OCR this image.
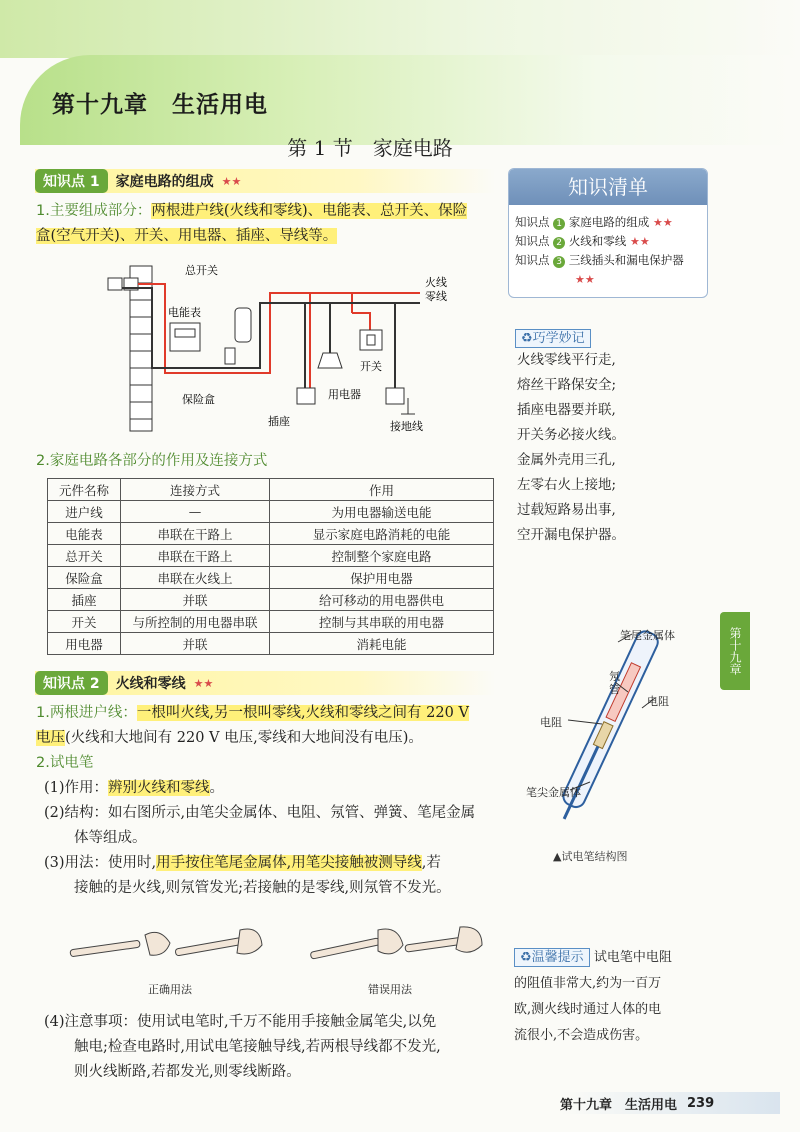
第十九章　生活用电
第 1 节　家庭电路
知识点 1	家庭电路的组成 ★★
1.主要组成部分：两根进户线(火线和零线)、电能表、总开关、保险
盒(空气开关)、开关、用电器、插座、导线等。
总开关
火线
零线
电能表
开关
保险盒	用电器
插座	接地线
2.家庭电路各部分的作用及连接方式
元件名称	连接方式	作用
进户线	—	为用电器输送电能
电能表	串联在干路上	显示家庭电路消耗的电能
总开关	串联在干路上	控制整个家庭电路
保险盒	串联在火线上	保护用电器
插座	并联	给可移动的用电器供电
开关	与所控制的用电器串联	控制与其串联的用电器
用电器	并联	消耗电能
知识点 2	火线和零线 ★★
1.两根进户线：一根叫火线,另一根叫零线,火线和零线之间有 220 V
电压(火线和大地间有 220 V 电压,零线和大地间没有电压)。
2.试电笔
(1)作用：辨别火线和零线。
(2)结构：如右图所示,由笔尖金属体、电阻、氖管、弹簧、笔尾金属
体等组成。
(3)用法：使用时,用手按住笔尾金属体,用笔尖接触被测导线,若
接触的是火线,则氖管发光;若接触的是零线,则氖管不发光。
正确用法	错误用法
(4)注意事项：使用试电笔时,千万不能用手接触金属笔尖,以免
触电;检查电路时,用试电笔接触导线,若两根导线都不发光,
则火线断路,若都发光,则零线断路。
知识清单
知识点 1 家庭电路的组成 ★★
知识点 2 火线和零线 ★★
知识点 3 三线插头和漏电保护器
★★
♻巧学妙记
火线零线平行走,
熔丝干路保安全;
插座电器要并联,
开关务必接火线。
金属外壳用三孔,
左零右火上接地;
过载短路易出事,
空开漏电保护器。
笔尾金属体
氖管
电阻
电阻
笔尖金属体
▲试电笔结构图
♻温馨提示 试电笔中电阻
的阻值非常大,约为一百万
欧,测火线时通过人体的电
流很小,不会造成伤害。
第十九章
第十九章　生活用电 239
